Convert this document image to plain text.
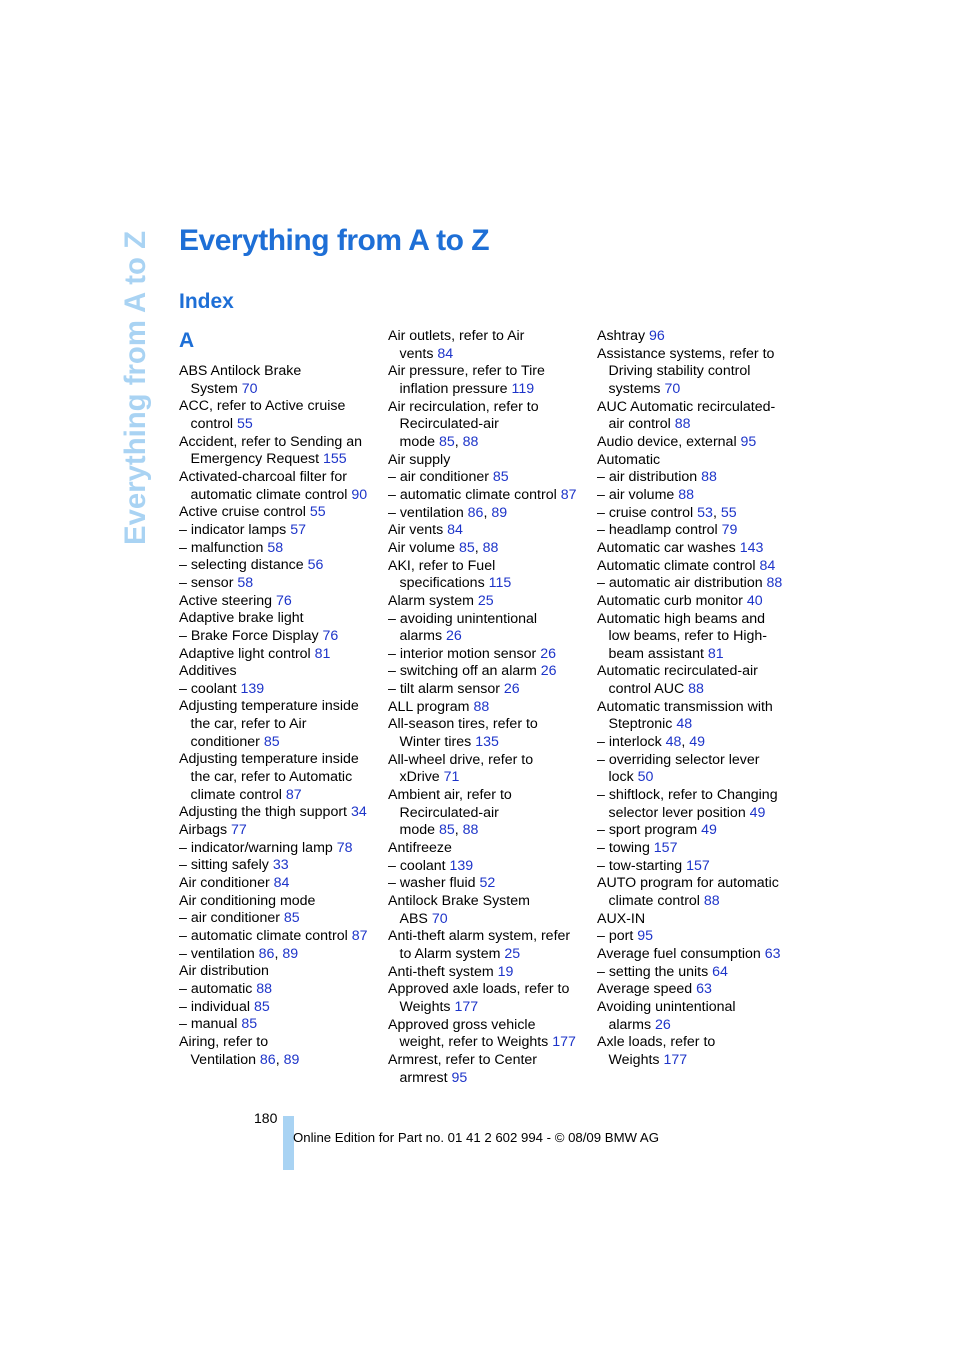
Everything from A to Z Everything from A to Z
Index
A
ABS Antilock Brake
System 70
ACC, refer to Active cruise
control 55
Accident, refer to Sending an
Emergency Request 155
Activated-charcoal filter for
automatic climate control 90
Active cruise control 55
– indicator lamps 57
– malfunction 58
– selecting distance 56
– sensor 58
Active steering 76
Adaptive brake light
– Brake Force Display 76
Adaptive light control 81
Additives
– coolant 139
Adjusting temperature inside
the car, refer to Air
conditioner 85
Adjusting temperature inside
the car, refer to Automatic
climate control 87
Adjusting the thigh support 34
Airbags 77
– indicator/warning lamp 78
– sitting safely 33
Air conditioner 84
Air conditioning mode
– air conditioner 85
– automatic climate control 87
– ventilation 86, 89
Air distribution
– automatic 88
– individual 85
– manual 85
Airing, refer to
Ventilation 86, 89
Air outlets, refer to Air
vents 84
Air pressure, refer to Tire
inflation pressure 119
Air recirculation, refer to
Recirculated-air
mode 85, 88
Air supply
– air conditioner 85
– automatic climate control 87
– ventilation 86, 89
Air vents 84
Air volume 85, 88
AKI, refer to Fuel
specifications 115
Alarm system 25
– avoiding unintentional
alarms 26
– interior motion sensor 26
– switching off an alarm 26
– tilt alarm sensor 26
ALL program 88
All-season tires, refer to
Winter tires 135
All-wheel drive, refer to
xDrive 71
Ambient air, refer to
Recirculated-air
mode 85, 88
Antifreeze
– coolant 139
– washer fluid 52
Antilock Brake System
ABS 70
Anti-theft alarm system, refer
to Alarm system 25
Anti-theft system 19
Approved axle loads, refer to
Weights 177
Approved gross vehicle
weight, refer to Weights 177
Armrest, refer to Center
armrest 95
Ashtray 96
Assistance systems, refer to
Driving stability control
systems 70
AUC Automatic recirculated-
air control 88
Audio device, external 95
Automatic
– air distribution 88
– air volume 88
– cruise control 53, 55
– headlamp control 79
Automatic car washes 143
Automatic climate control 84
– automatic air distribution 88
Automatic curb monitor 40
Automatic high beams and
low beams, refer to High-
beam assistant 81
Automatic recirculated-air
control AUC 88
Automatic transmission with
Steptronic 48
– interlock 48, 49
– overriding selector lever
lock 50
– shiftlock, refer to Changing
selector lever position 49
– sport program 49
– towing 157
– tow-starting 157
AUTO program for automatic
climate control 88
AUX-IN
– port 95
Average fuel consumption 63
– setting the units 64
Average speed 63
Avoiding unintentional
alarms 26
Axle loads, refer to
Weights 177
180
Online Edition for Part no. 01 41 2 602 994 - © 08/09 BMW AG
